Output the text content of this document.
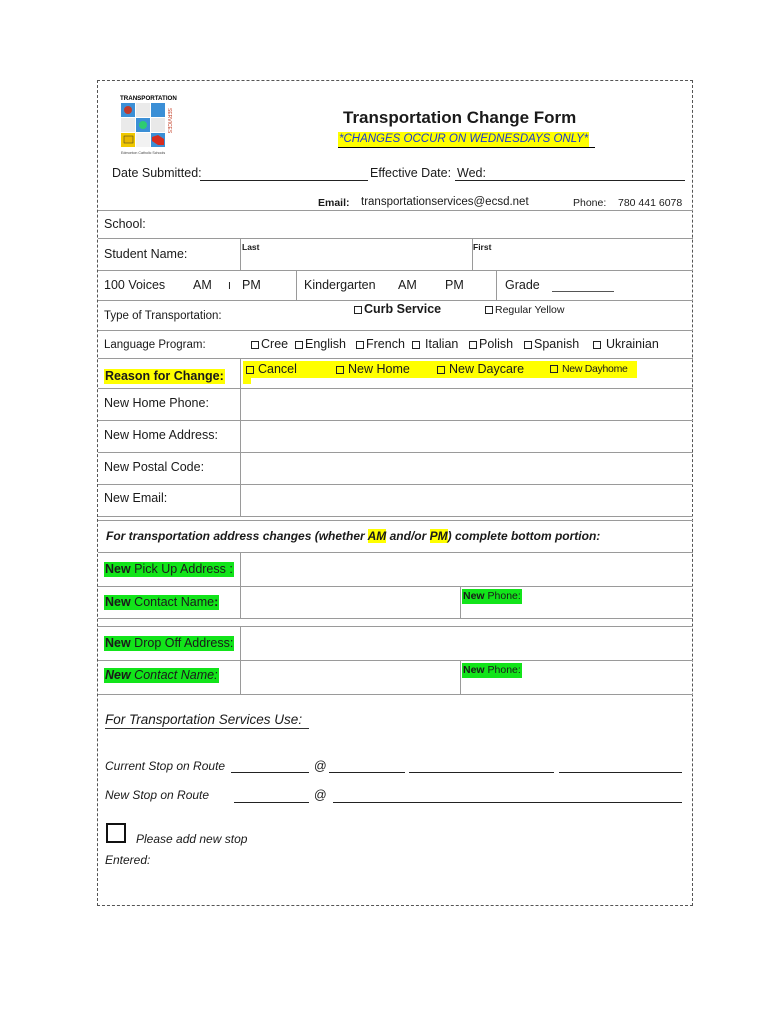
TRANSPORTATION
SERVICES
Edmonton Catholic Schools
Transportation Change Form
*CHANGES OCCUR ON WEDNESDAYS ONLY*
Date Submitted:	Effective Date: Wed:
Email: transportationservices@ecsd.net	Phone: 780 441 6078
School:
Student Name:	Last	First
100 Voices AM I PM	Kindergarten AM PM	Grade
Type of Transportation:	Curb Service	Regular Yellow
Language Program:	Cree	English	French	Italian	Polish	Spanish	Ukrainian
Reason for Change:	Cancel	New Home	New Daycare	New Dayhome
New Home Phone:
New Home Address:
New Postal Code:
New Email:
For transportation address changes (whether AM and/or PM) complete bottom portion:
New Pick Up Address :
New Contact Name:	New Phone:
New Drop Off Address:
New Contact Name:	New Phone:
For Transportation Services Use:
Current Stop on Route	@
New Stop on Route	@
Please add new stop
Entered:
